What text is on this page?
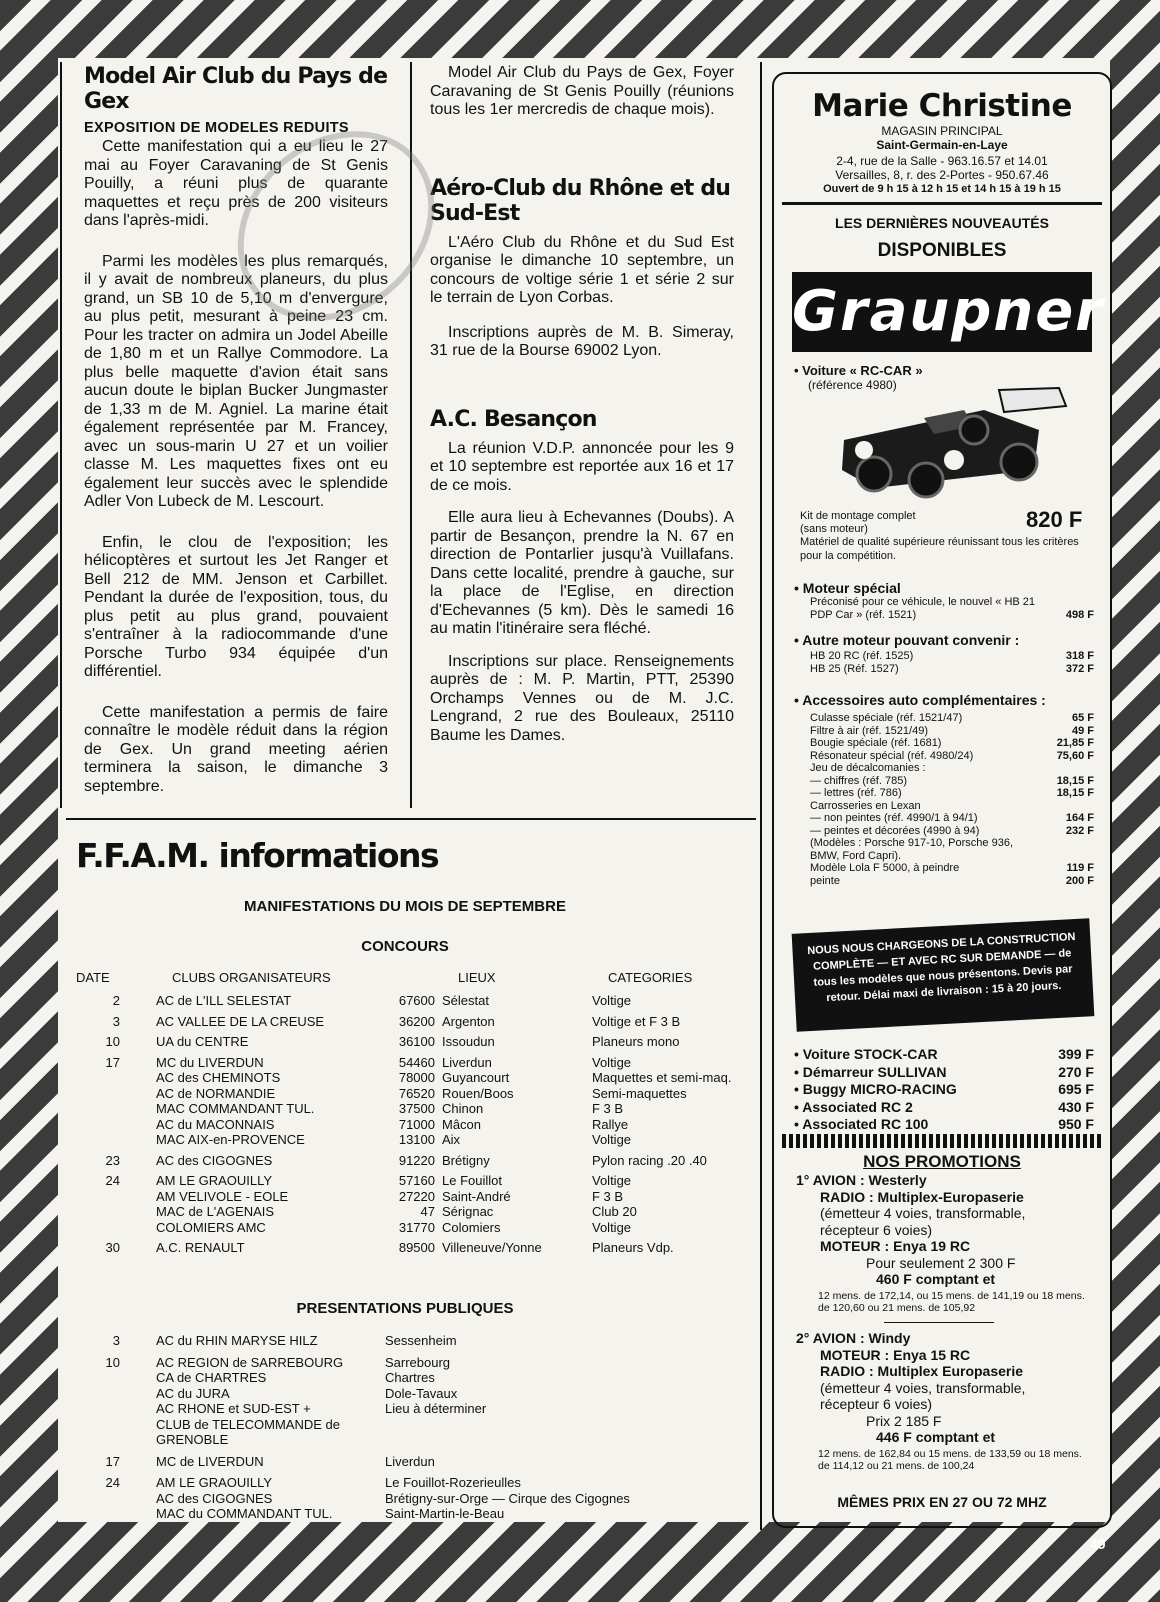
Model Air Club du Pays de Gex
EXPOSITION DE MODELES REDUITS

Cette manifestation qui a eu lieu le 27 mai au Foyer Caravaning de St Genis Pouilly, a réuni plus de quarante maquettes et reçu près de 200 visiteurs dans l'après-midi.

Parmi les modèles les plus remarqués, il y avait de nombreux planeurs, du plus grand, un SB 10 de 5,10 m d'envergure, au plus petit, mesurant à peine 23 cm. Pour les tracter on admira un Jodel Abeille de 1,80 m et un Rallye Commodore. La plus belle maquette d'avion était sans aucun doute le biplan Bucker Jungmaster de 1,33 m de M. Agniel. La marine était également représentée par M. Francey, avec un sous-marin U 27 et un voilier classe M. Les maquettes fixes ont eu également leur succès avec le splendide Adler Von Lubeck de M. Lescourt.

Enfin, le clou de l'exposition; les hélicoptères et surtout les Jet Ranger et Bell 212 de MM. Jenson et Carbillet. Pendant la durée de l'exposition, tous, du plus petit au plus grand, pouvaient s'entraîner à la radiocommande d'une Porsche Turbo 934 équipée d'un différentiel.

Cette manifestation a permis de faire connaître le modèle réduit dans la région de Gex. Un grand meeting aérien terminera la saison, le dimanche 3 septembre.

Model Air Club du Pays de Gex, Foyer Caravaning de St Genis Pouilly (réunions tous les 1er mercredis de chaque mois).

Aéro-Club du Rhône et du Sud-Est

L'Aéro Club du Rhône et du Sud Est organise le dimanche 10 septembre, un concours de voltige série 1 et série 2 sur le terrain de Lyon Corbas.

Inscriptions auprès de M. B. Simeray, 31 rue de la Bourse 69002 Lyon.

A.C. Besançon

La réunion V.D.P. annoncée pour les 9 et 10 septembre est reportée aux 16 et 17 de ce mois.

Elle aura lieu à Echevannes (Doubs). A partir de Besançon, prendre la N. 67 en direction de Pontarlier jusqu'à Vuillafans. Dans cette localité, prendre à gauche, sur la place de l'Eglise, en direction d'Echevannes (5 km). Dès le samedi 16 au matin l'itinéraire sera fléché.

Inscriptions sur place. Renseignements auprès de : M. P. Martin, PTT, 25390 Orchamps Vennes ou de M. J.C. Lengrand, 2 rue des Bouleaux, 25110 Baume les Dames.

F.F.A.M. informations
MANIFESTATIONS DU MOIS DE SEPTEMBRE
CONCOURS
DATE	CLUBS ORGANISATEURS	LIEUX	CATEGORIES
2	AC de L'ILL SELESTAT	67600 Sélestat	Voltige
3	AC VALLEE DE LA CREUSE	36200 Argenton	Voltige et F 3 B
10	UA du CENTRE	36100 Issoudun	Planeurs mono
17	MC du LIVERDUN	54460 Liverdun	Voltige
AC des CHEMINOTS	78000 Guyancourt	Maquettes et semi-maq.
AC de NORMANDIE	76520 Rouen/Boos	Semi-maquettes
MAC COMMANDANT TUL.	37500 Chinon	F 3 B
AC du MACONNAIS	71000 Mâcon	Rallye
MAC AIX-en-PROVENCE	13100 Aix	Voltige
23	AC des CIGOGNES	91220 Brétigny	Pylon racing .20 .40
24	AM LE GRAOUILLY	57160 Le Fouillot	Voltige
AM VELIVOLE - EOLE	27220 Saint-André	F 3 B
MAC de L'AGENAIS	47 Sérignac	Club 20
COLOMIERS AMC	31770 Colomiers	Voltige
30	A.C. RENAULT	89500 Villeneuve/Yonne	Planeurs Vdp.
PRESENTATIONS PUBLIQUES
3	AC du RHIN MARYSE HILZ	Sessenheim
10	AC REGION de SARREBOURG	Sarrebourg
CA de CHARTRES	Chartres
AC du JURA	Dole-Tavaux
AC RHONE et SUD-EST +	Lieu à déterminer
CLUB de TELECOMMANDE de
GRENOBLE
17	MC de LIVERDUN	Liverdun
24	AM LE GRAOUILLY	Le Fouillot-Rozerieulles
AC des CIGOGNES	Brétigny-sur-Orge — Cirque des Cigognes
MAC du COMMANDANT TUL.	Saint-Martin-le-Beau
Marie Christine
MAGASIN PRINCIPAL
Saint-Germain-en-Laye
2-4, rue de la Salle - 963.16.57 et 14.01
Versailles, 8, r. des 2-Portes - 950.67.46
Ouvert de 9 h 15 à 12 h 15 et 14 h 15 à 19 h 15
LES DERNIÈRES NOUVEAUTÉS
DISPONIBLES
Graupner
• Voiture « RC-CAR »
(référence 4980)
Kit de montage complet
(sans moteur)	820 F
Matériel de qualité supérieure réunissant tous les critères pour la compétition.
• Moteur spécial
Préconisé pour ce véhicule, le nouvel « HB 21 PDP Car » (réf. 1521)	498 F
• Autre moteur pouvant convenir :
HB 20 RC (réf. 1525)	318 F
HB 25 (Réf. 1527)	372 F
• Accessoires auto complémentaires :
Culasse spéciale (réf. 1521/47)	65 F
Filtre à air (réf. 1521/49)	49 F
Bougie spéciale (réf. 1681)	21,85 F
Résonateur spécial (réf. 4980/24)	75,60 F
Jeu de décalcomanies :
— chiffres (réf. 785)	18,15 F
— lettres (réf. 786)	18,15 F
Carrosseries en Lexan
— non peintes (réf. 4990/1 à 94/1)	164 F
— peintes et décorées (4990 à 94)	232 F
(Modèles : Porsche 917-10, Porsche 936,
BMW, Ford Capri).
Modèle Lola F 5000, à peindre	119 F
peinte	200 F
NOUS NOUS CHARGEONS DE LA CONSTRUCTION COMPLÈTE — ET AVEC RC SUR DEMANDE — de tous les modèles que nous présentons. Devis par retour. Délai maxi de livraison : 15 à 20 jours.
• Voiture STOCK-CAR	399 F
• Démarreur SULLIVAN	270 F
• Buggy MICRO-RACING	695 F
• Associated RC 2	430 F
• Associated RC 100	950 F
NOS PROMOTIONS
1° AVION : Westerly
RADIO : Multiplex-Europaserie
(émetteur 4 voies, transformable,
récepteur 6 voies)
MOTEUR : Enya 19 RC
Pour seulement 2 300 F
460 F comptant et
12 mens. de 172,14, ou 15 mens. de 141,19 ou 18 mens. de 120,60 ou 21 mens. de 105,92
2° AVION : Windy
MOTEUR : Enya 15 RC
RADIO : Multiplex Europaserie
(émetteur 4 voies, transformable,
récepteur 6 voies)
Prix 2 185 F
446 F comptant et
12 mens. de 162,84 ou 15 mens. de 133,59 ou 18 mens. de 114,12 ou 21 mens. de 100,24
MÊMES PRIX EN 27 OU 72 MHZ
49
